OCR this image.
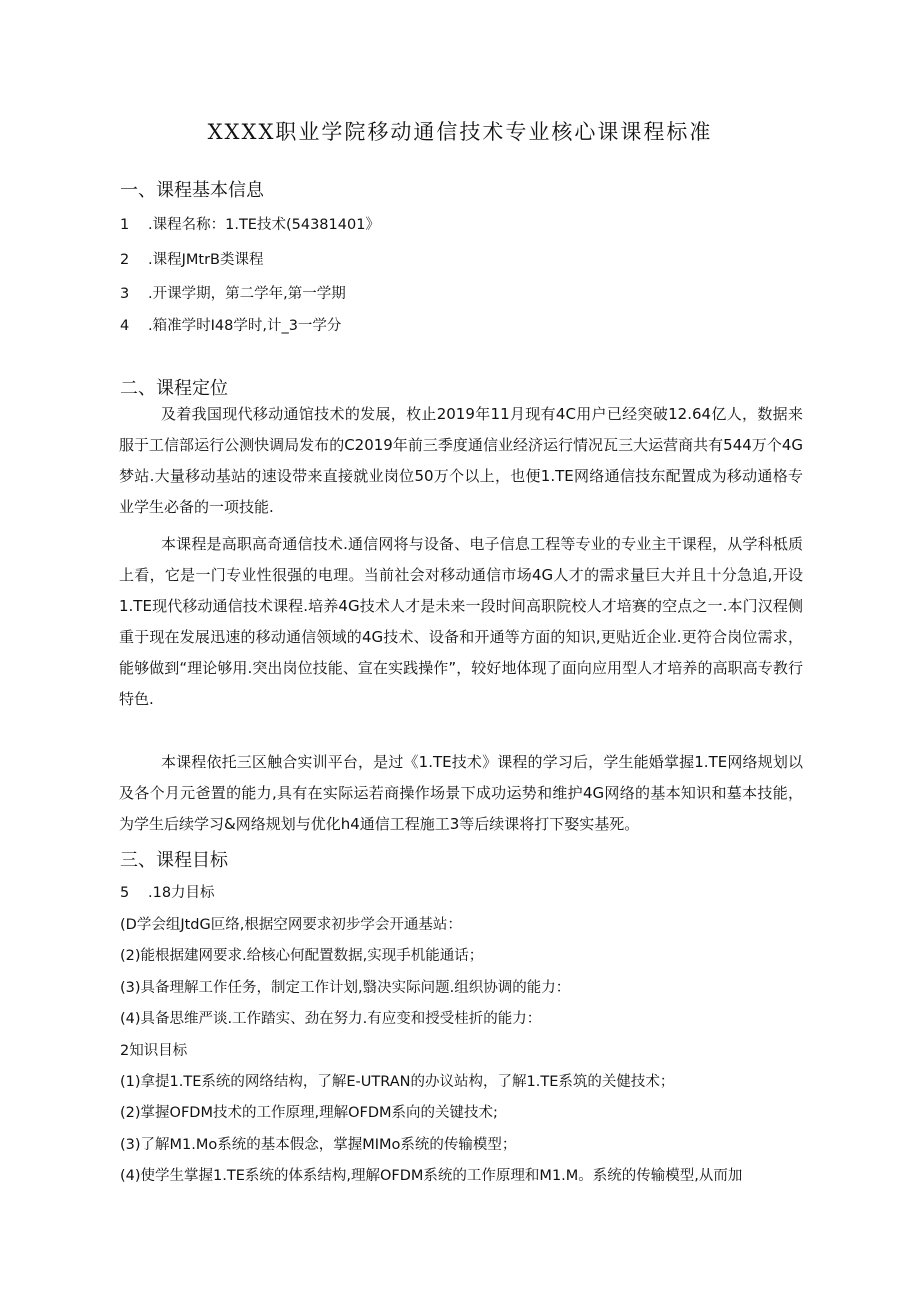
XXXX职业学院移动通信技术专业核心课课程标准
一、课程基本信息
1 .课程名称：1.TE技术(54381401》
2 .课程JMtrB类课程
3 .开课学期，第二学年,第一学期
4 .箱准学时I48学时,计_3一学分
二、课程定位

及着我国现代移动通馆技术的发展，枚止2019年11月现有4C用户已经突破12.64亿人，数据来服于工信部运行公测快调局发布的C2019年前三季度通信业经济运行情况瓦三大运营商共有544万个4G梦站.大量移动基站的速设带来直接就业岗位50万个以上，也便1.TE网络通信技东配置成为移动通格专业学生必备的一项技能.

本课程是高职高奇通信技术.通信网将与设备、电子信息工程等专业的专业主干课程，从学科柢质上看，它是一门专业性很强的电理。当前社会对移动通信市场4G人才的需求量巨大并且十分急追,开设1.TE现代移动通信技术课程.培养4G技术人才是未来一段时间高职院校人才培赛的空点之一.本门汉程侧重于现在发展迅速的移动通信领域的4G技术、设备和开通等方面的知识,更贴近企业.更符合岗位需求，能够做到“理论够用.突出岗位技能、宣在实践操作”，较好地体现了面向应用型人才培养的高职高专教行特色.

本课程依托三区触合实训平台，是过《1.TE技术》课程的学习后，学生能婚掌握1.TE网络规划以及各个月元爸置的能力,具有在实际运若商操作场景下成功运势和维护4G网络的基本知识和墓本技能，为学生后续学习&网络规划与优化h4通信工程施工3等后续课将打下娶实基死。

三、课程目标
5 .18力目标
(D学会组JtdG叵络,根据空网要求初步学会开通基站：
(2)能根据建网要求.给核心何配置数据,实现手机能通话；
(3)具备理解工作任务，制定工作计划,翳决实际问题.组织协调的能力：
(4)具备思维严谈.工作踏实、劲在努力.有应变和授受桂折的能力：
2知识目标
(1)拿提1.TE系统的网络结构，了解E-UTRAN的办议站构，了解1.TE系筑的关健技术；
(2)掌握OFDM技术的工作原理,理解OFDM系向的关键技术;
(3)了解M1.Mo系统的基本假念，掌握MIMo系统的传输模型；
(4)使学生掌握1.TE系统的体系结构,理解OFDM系统的工作原理和M1.M。系统的传输模型,从而加
